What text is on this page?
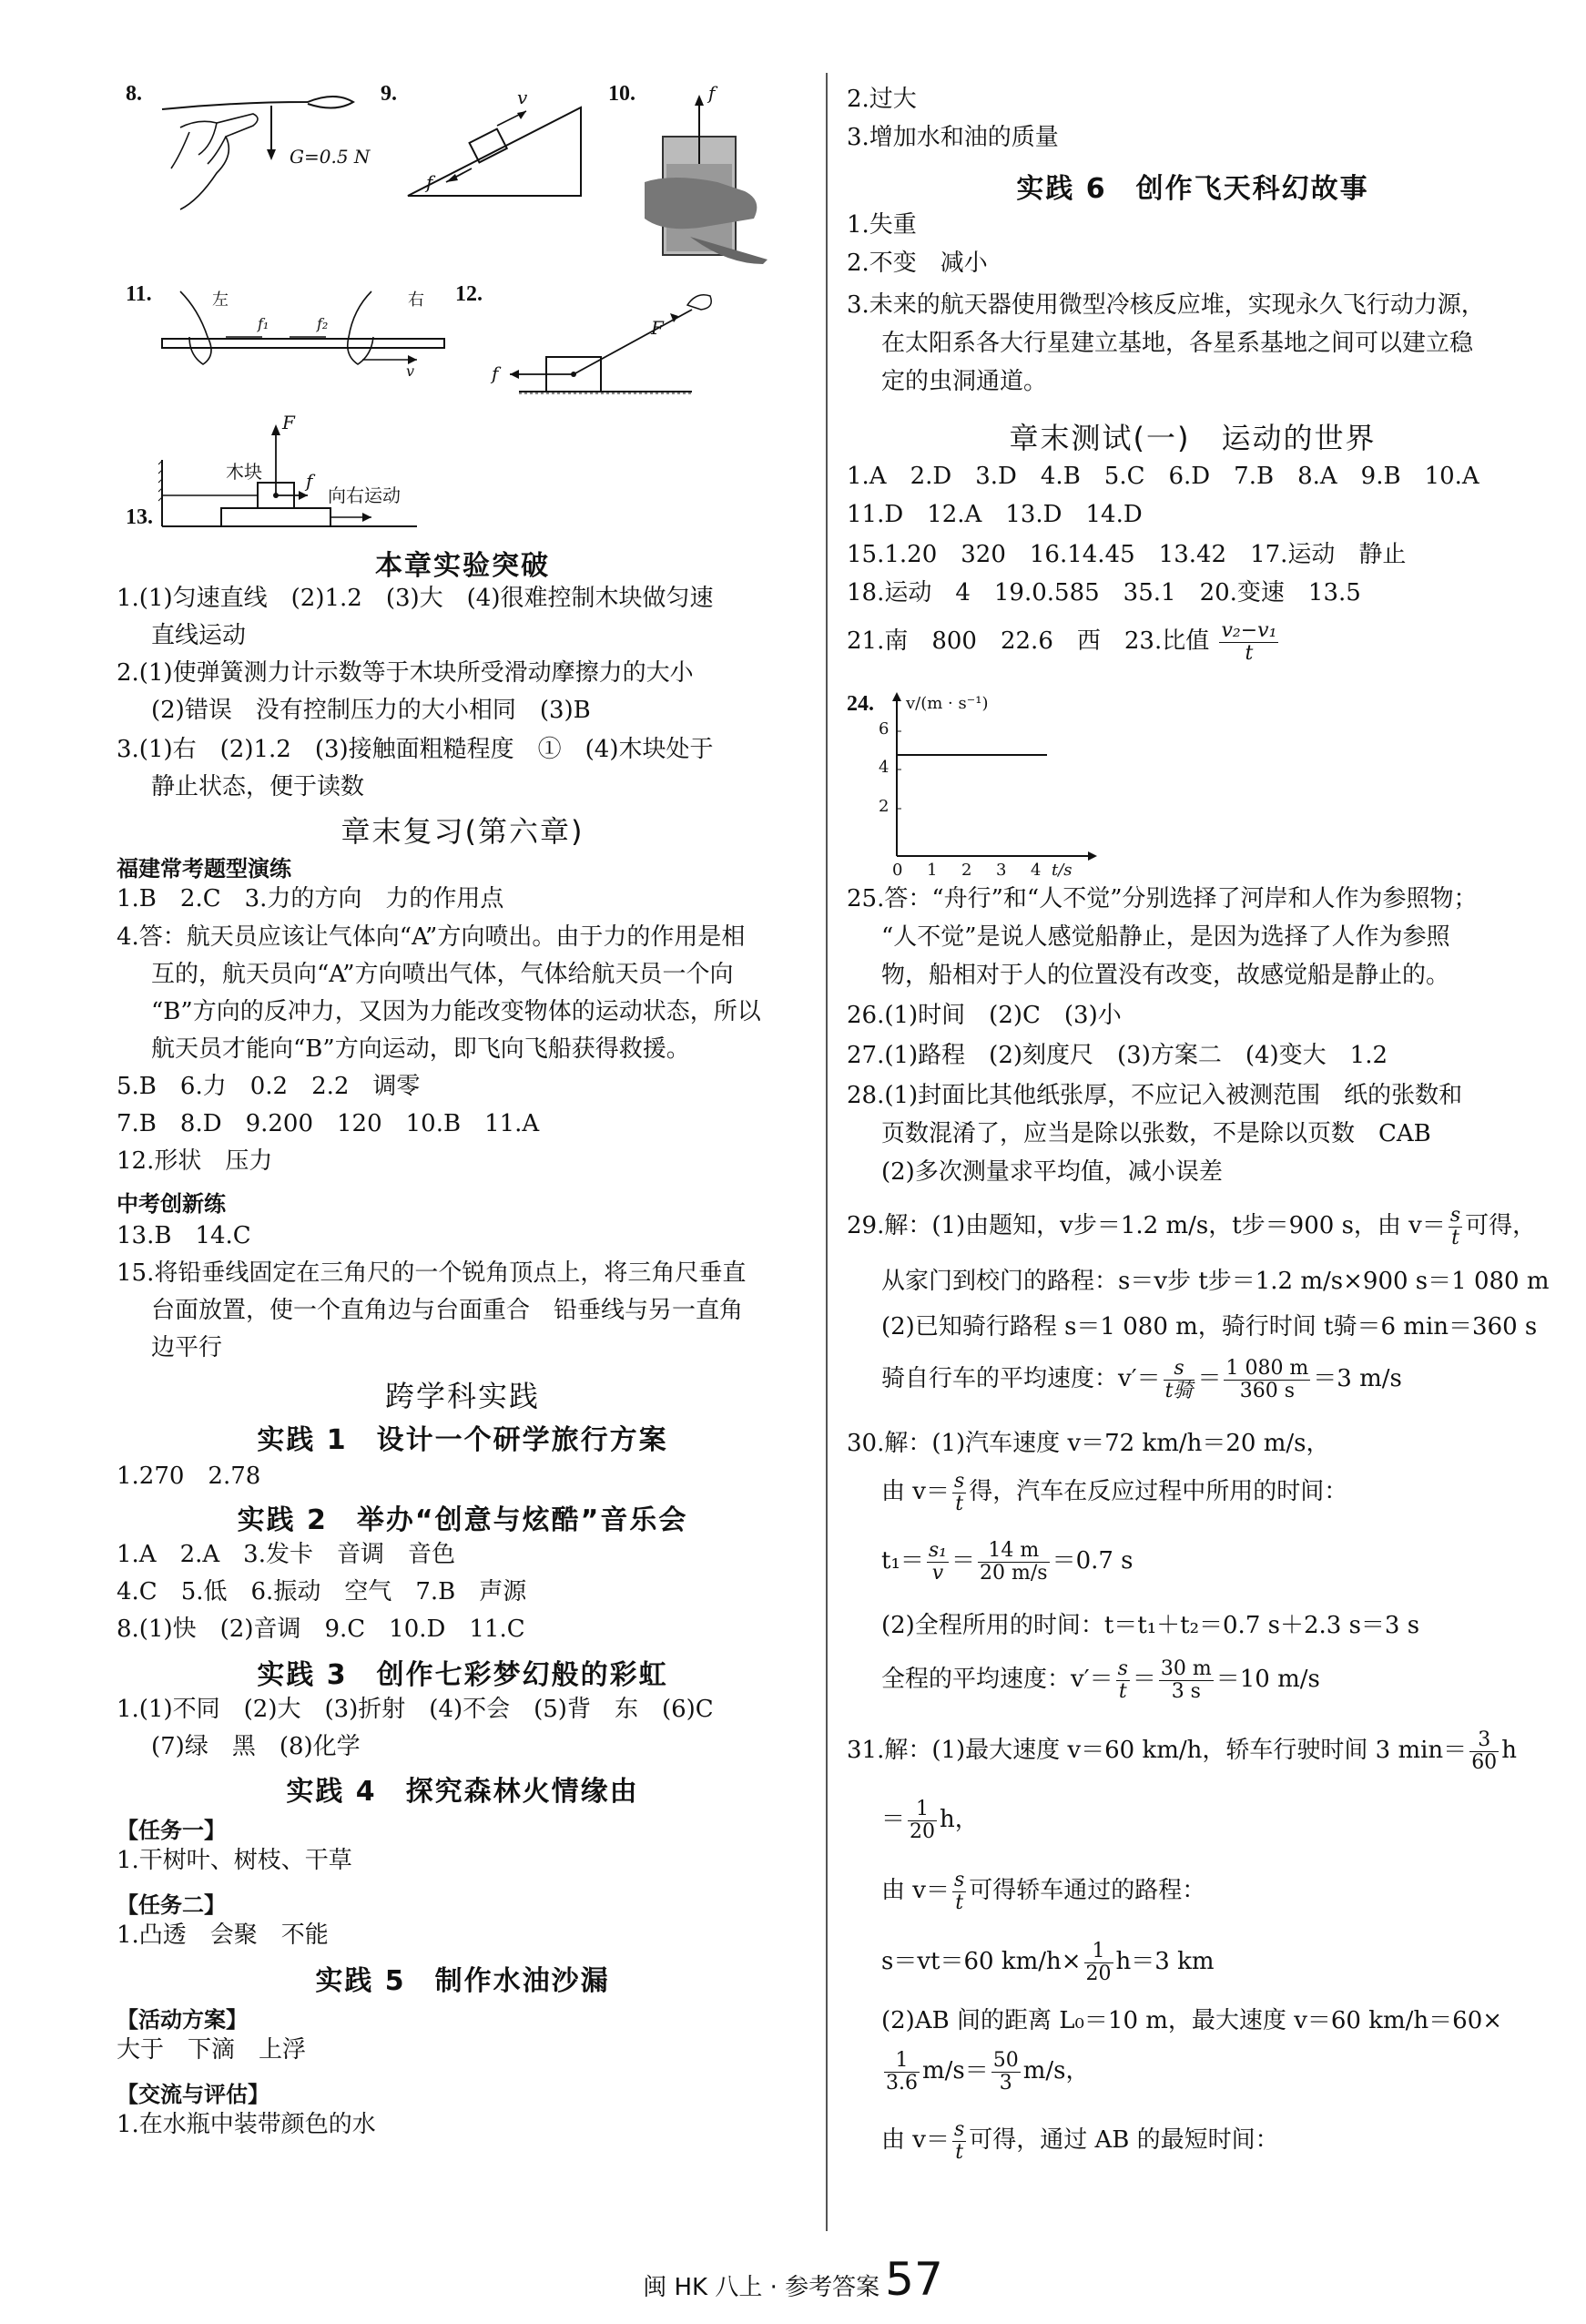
8.
G=0.5 N
9.	v
f
10.	f
11.	左	右
f₁	f₂
v
12.
F
f
13.
F
木块 f
向右运动
本章实验突破
1.(1)匀速直线　(2)1.2　(3)大　(4)很难控制木块做匀速
直线运动
2.(1)使弹簧测力计示数等于木块所受滑动摩擦力的大小
(2)错误　没有控制压力的大小相同　(3)B
3.(1)右　(2)1.2　(3)接触面粗糙程度　①　(4)木块处于
静止状态，便于读数
章末复习(第六章)
福建常考题型演练
1.B　2.C　3.力的方向　力的作用点
4.答：航天员应该让气体向“A”方向喷出。由于力的作用是相
互的，航天员向“A”方向喷出气体，气体给航天员一个向
“B”方向的反冲力，又因为力能改变物体的运动状态，所以
航天员才能向“B”方向运动，即飞向飞船获得救援。
5.B　6.力　0.2　2.2　调零
7.B　8.D　9.200　120　10.B　11.A
12.形状　压力
中考创新练
13.B　14.C
15.将铅垂线固定在三角尺的一个锐角顶点上，将三角尺垂直
台面放置，使一个直角边与台面重合　铅垂线与另一直角
边平行
跨学科实践
实践 1　设计一个研学旅行方案
1.270　2.78
实践 2　举办“创意与炫酷”音乐会
1.A　2.A　3.发卡　音调　音色
4.C　5.低　6.振动　空气　7.B　声源
8.(1)快　(2)音调　9.C　10.D　11.C
实践 3　创作七彩梦幻般的彩虹
1.(1)不同　(2)大　(3)折射　(4)不会　(5)背　东　(6)C
(7)绿　黑　(8)化学
实践 4　探究森林火情缘由
【任务一】
1.干树叶、树枝、干草
【任务二】
1.凸透　会聚　不能
实践 5　制作水油沙漏
【活动方案】
大于　下滴　上浮
【交流与评估】
1.在水瓶中装带颜色的水
2.过大
3.增加水和油的质量
实践 6　创作飞天科幻故事
1.失重
2.不变　减小
3.未来的航天器使用微型冷核反应堆，实现永久飞行动力源，
在太阳系各大行星建立基地，各星系基地之间可以建立稳
定的虫洞通道。
章末测试(一)　运动的世界
1.A　2.D　3.D　4.B　5.C　6.D　7.B　8.A　9.B　10.A
11.D　12.A　13.D　14.D
15.1.20　320　16.14.45　13.42　17.运动　静止
18.运动　4　19.0.585　35.1　20.变速　13.5
21.南　800　22.6　西　23.比值 $\frac{\text{v₂−v₁}}{t}$
24. v/(m · s⁻¹)
6
4
2
0 1 2 3 4 t/s
25.答：“舟行”和“人不觉”分别选择了河岸和人作为参照物；
“人不觉”是说人感觉船静止，是因为选择了人作为参照
物，船相对于人的位置没有改变，故感觉船是静止的。
26.(1)时间　(2)C　(3)小
27.(1)路程　(2)刻度尺　(3)方案二　(4)变大　1.2
28.(1)封面比其他纸张厚，不应记入被测范围　纸的张数和
页数混淆了，应当是除以张数，不是除以页数　CAB
(2)多次测量求平均值，减小误差
29.解：(1)由题知，v步＝1.2 m/s，t步＝900 s，由 $v= \frac{s}{t}$ 可得，
从家门到校门的路程：s＝v步 t步＝1.2 m/s×900 s＝1 080 m
(2)已知骑行路程 s＝1 080 m，骑行时间 t骑＝6 min＝360 s
骑自行车的平均速度：$v'= \frac{s}{\text{t骑}} = \frac{1 080 m}{360 s} =3$ m/s
30.解：(1)汽车速度 v＝72 km/h＝20 m/s，
由 $v= \frac{s}{t}$ 得，汽车在反应过程中所用的时间：
$t_1= \frac{\text{s₁}}{v} = \frac{14 m}{20 m/s} =0.7$ s
(2)全程所用的时间：t＝t₁＋t₂＝0.7 s＋2.3 s＝3 s
全程的平均速度：$v'= \frac{s}{t} = \frac{30 m}{3 s} =10$ m/s
31.解：(1)最大速度 v＝60 km/h，轿车行驶时间 3 $\min= \frac{3}{60}$ h
＝ $\frac{1}{20}$ h，
由 $v= \frac{s}{t}$ 可得轿车通过的路程：
s＝vt＝60 $km/h\times \frac{1}{20} h=3$ km
(2)AB 间的距离 L₀＝10 m，最大速度 v＝60 km/h＝60×
$\frac{1}{3.6} m/s= \frac{50}{3} m/s$，
由 $v= \frac{s}{t}$ 可得，通过 AB 的最短时间：
闽 HK 八上 · 参考答案 57
